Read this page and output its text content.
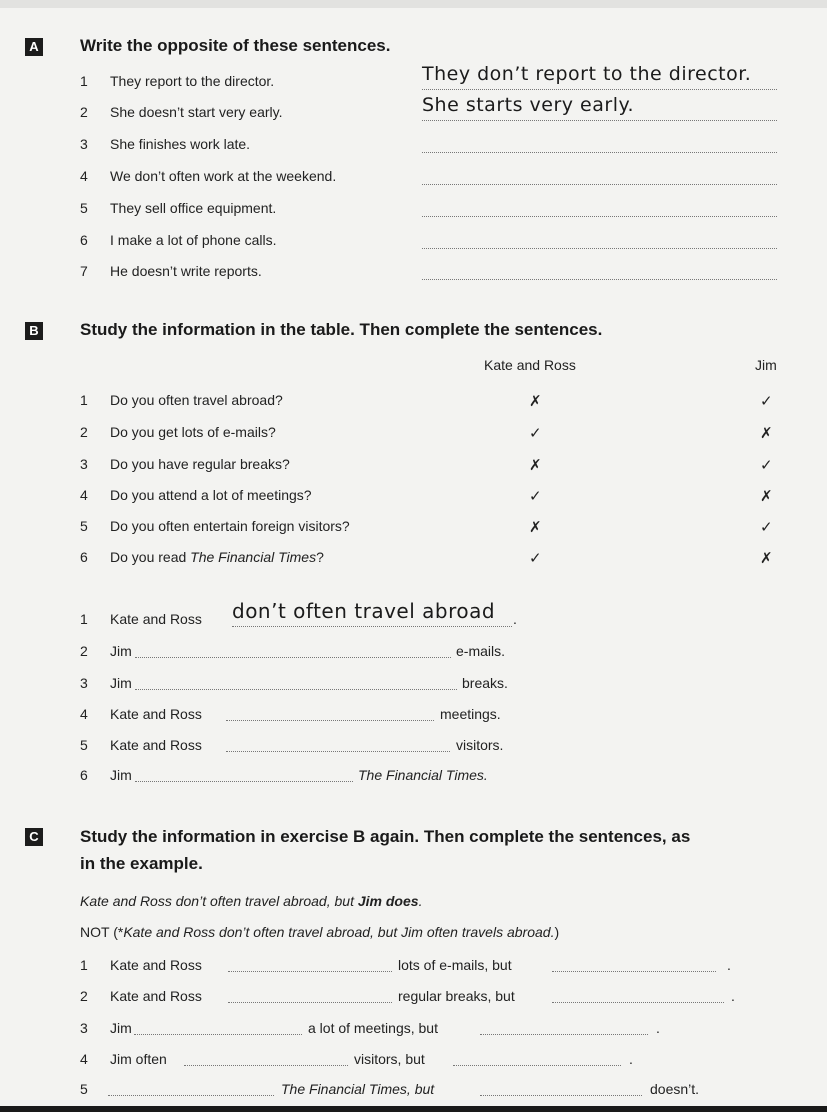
A Write the opposite of these sentences.
1 They report to the director.	They don’t report to the director.
2 She doesn’t start very early.	She starts very early.
3 She finishes work late.
4 We don’t often work at the weekend.
5 They sell office equipment.
6 I make a lot of phone calls.
7 He doesn’t write reports.
B Study the information in the table. Then complete the sentences.
Kate and Ross	Jim
1 Do you often travel abroad?	✗	✓
2 Do you get lots of e-mails?	✓	✗
3 Do you have regular breaks?	✗	✓
4 Do you attend a lot of meetings?	✓	✗
5 Do you often entertain foreign visitors?	✗	✓
6 Do you read The Financial Times?	✓	✗
1 Kate and Ross don’t often travel abroad .
2 Jim	e-mails.
3 Jim	breaks.
4 Kate and Ross	meetings.
5 Kate and Ross	visitors.
6 Jim	The Financial Times.
C Study the information in exercise B again. Then complete the sentences, as
in the example.
Kate and Ross don’t often travel abroad, but Jim does.
NOT (*Kate and Ross don’t often travel abroad, but Jim often travels abroad.)
1 Kate and Ross	lots of e-mails, but	.
2 Kate and Ross	regular breaks, but	.
3 Jim	a lot of meetings, but	.
4 Jim often	visitors, but	.
5	The Financial Times, but	doesn’t.
